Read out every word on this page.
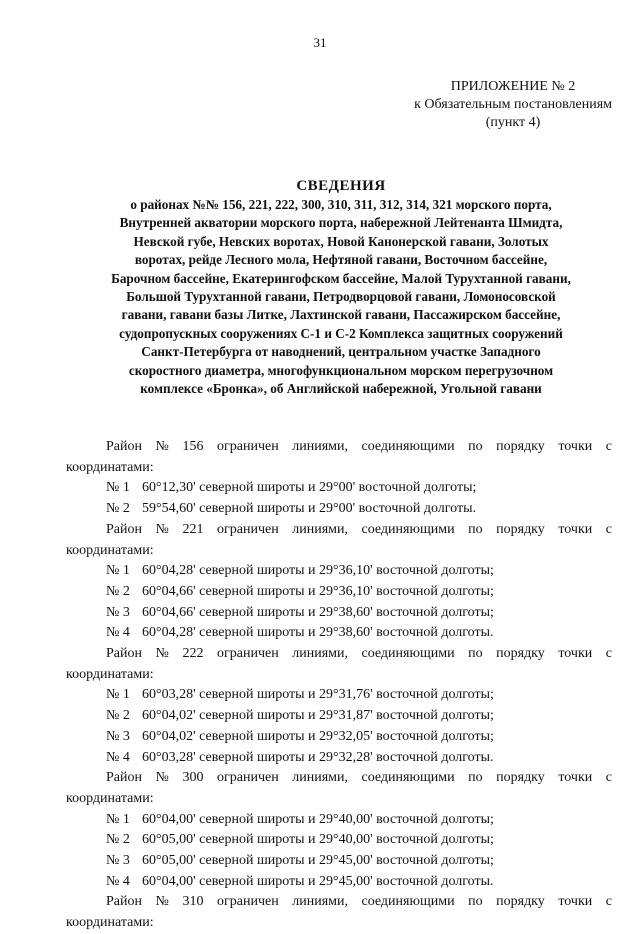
31
ПРИЛОЖЕНИЕ № 2
к Обязательным постановлениям
(пункт 4)
СВЕДЕНИЯ
о районах №№ 156, 221, 222, 300, 310, 311, 312, 314, 321 морского порта,
Внутренней акватории морского порта, набережной Лейтенанта Шмидта,
Невской губе, Невских воротах, Новой Канонерской гавани, Золотых
воротах, рейде Лесного мола, Нефтяной гавани, Восточном бассейне,
Барочном бассейне, Екатерингофском бассейне, Малой Турухтанной гавани,
Большой Турухтанной гавани, Петродворцовой гавани, Ломоносовской
гавани, гавани базы Литке, Лахтинской гавани, Пассажирском бассейне,
судопропускных сооружениях С-1 и С-2 Комплекса защитных сооружений
Санкт-Петербурга от наводнений, центральном участке Западного
скоростного диаметра, многофункциональном морском перегрузочном
комплексе «Бронка», об Английской набережной, Угольной гавани

Район № 156 ограничен линиями, соединяющими по порядку точки с координатами:

№ 1 60°12,30' северной широты и 29°00' восточной долготы;

№ 2 59°54,60' северной широты и 29°00' восточной долготы.

Район № 221 ограничен линиями, соединяющими по порядку точки с координатами:

№ 1 60°04,28' северной широты и 29°36,10' восточной долготы;

№ 2 60°04,66' северной широты и 29°36,10' восточной долготы;

№ 3 60°04,66' северной широты и 29°38,60' восточной долготы;

№ 4 60°04,28' северной широты и 29°38,60' восточной долготы.

Район № 222 ограничен линиями, соединяющими по порядку точки с координатами:

№ 1 60°03,28' северной широты и 29°31,76' восточной долготы;

№ 2 60°04,02' северной широты и 29°31,87' восточной долготы;

№ 3 60°04,02' северной широты и 29°32,05' восточной долготы;

№ 4 60°03,28' северной широты и 29°32,28' восточной долготы.

Район № 300 ограничен линиями, соединяющими по порядку точки с координатами:

№ 1 60°04,00' северной широты и 29°40,00' восточной долготы;

№ 2 60°05,00' северной широты и 29°40,00' восточной долготы;

№ 3 60°05,00' северной широты и 29°45,00' восточной долготы;

№ 4 60°04,00' северной широты и 29°45,00' восточной долготы.

Район № 310 ограничен линиями, соединяющими по порядку точки с координатами:
